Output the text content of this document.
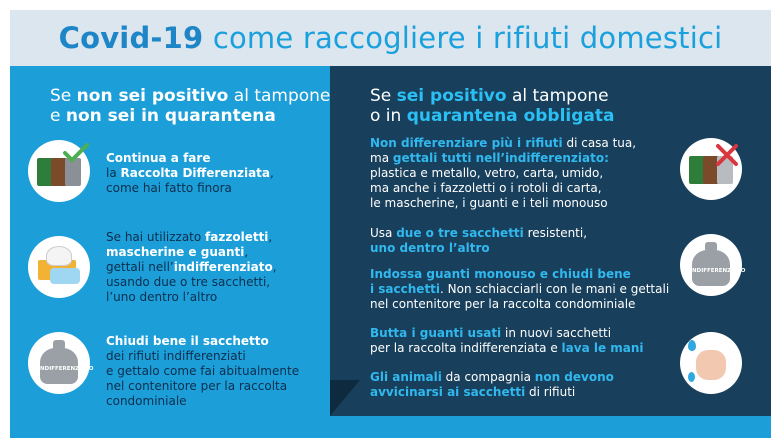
Covid-19 come raccogliere i rifiuti domestici
Se non sei positivo al tampone
e non sei in quarantena
INDIFFERENZIATO
Continua a fare
la Raccolta Differenziata,
come hai fatto finora
Se hai utilizzato fazzoletti,
mascherine e guanti,
gettali nell’indifferenziato,
usando due o tre sacchetti,
l’uno dentro l’altro
Chiudi bene il sacchetto
dei rifiuti indifferenziati
e gettalo come fai abitualmente
nel contenitore per la raccolta
condominiale
Se sei positivo al tampone
o in quarantena obbligata
Non differenziare più i rifiuti di casa tua,
ma gettali tutti nell’indifferenziato:
plastica e metallo, vetro, carta, umido,
ma anche i fazzoletti o i rotoli di carta,
le mascherine, i guanti e i teli monouso
Usa due o tre sacchetti resistenti,
uno dentro l’altro
Indossa guanti monouso e chiudi bene
i sacchetti. Non schiacciarli con le mani e gettali
nel contenitore per la raccolta condominiale
Butta i guanti usati in nuovi sacchetti
per la raccolta indifferenziata e lava le mani
Gli animali da compagnia non devono
avvicinarsi ai sacchetti di rifiuti
INDIFFERENZIATO
